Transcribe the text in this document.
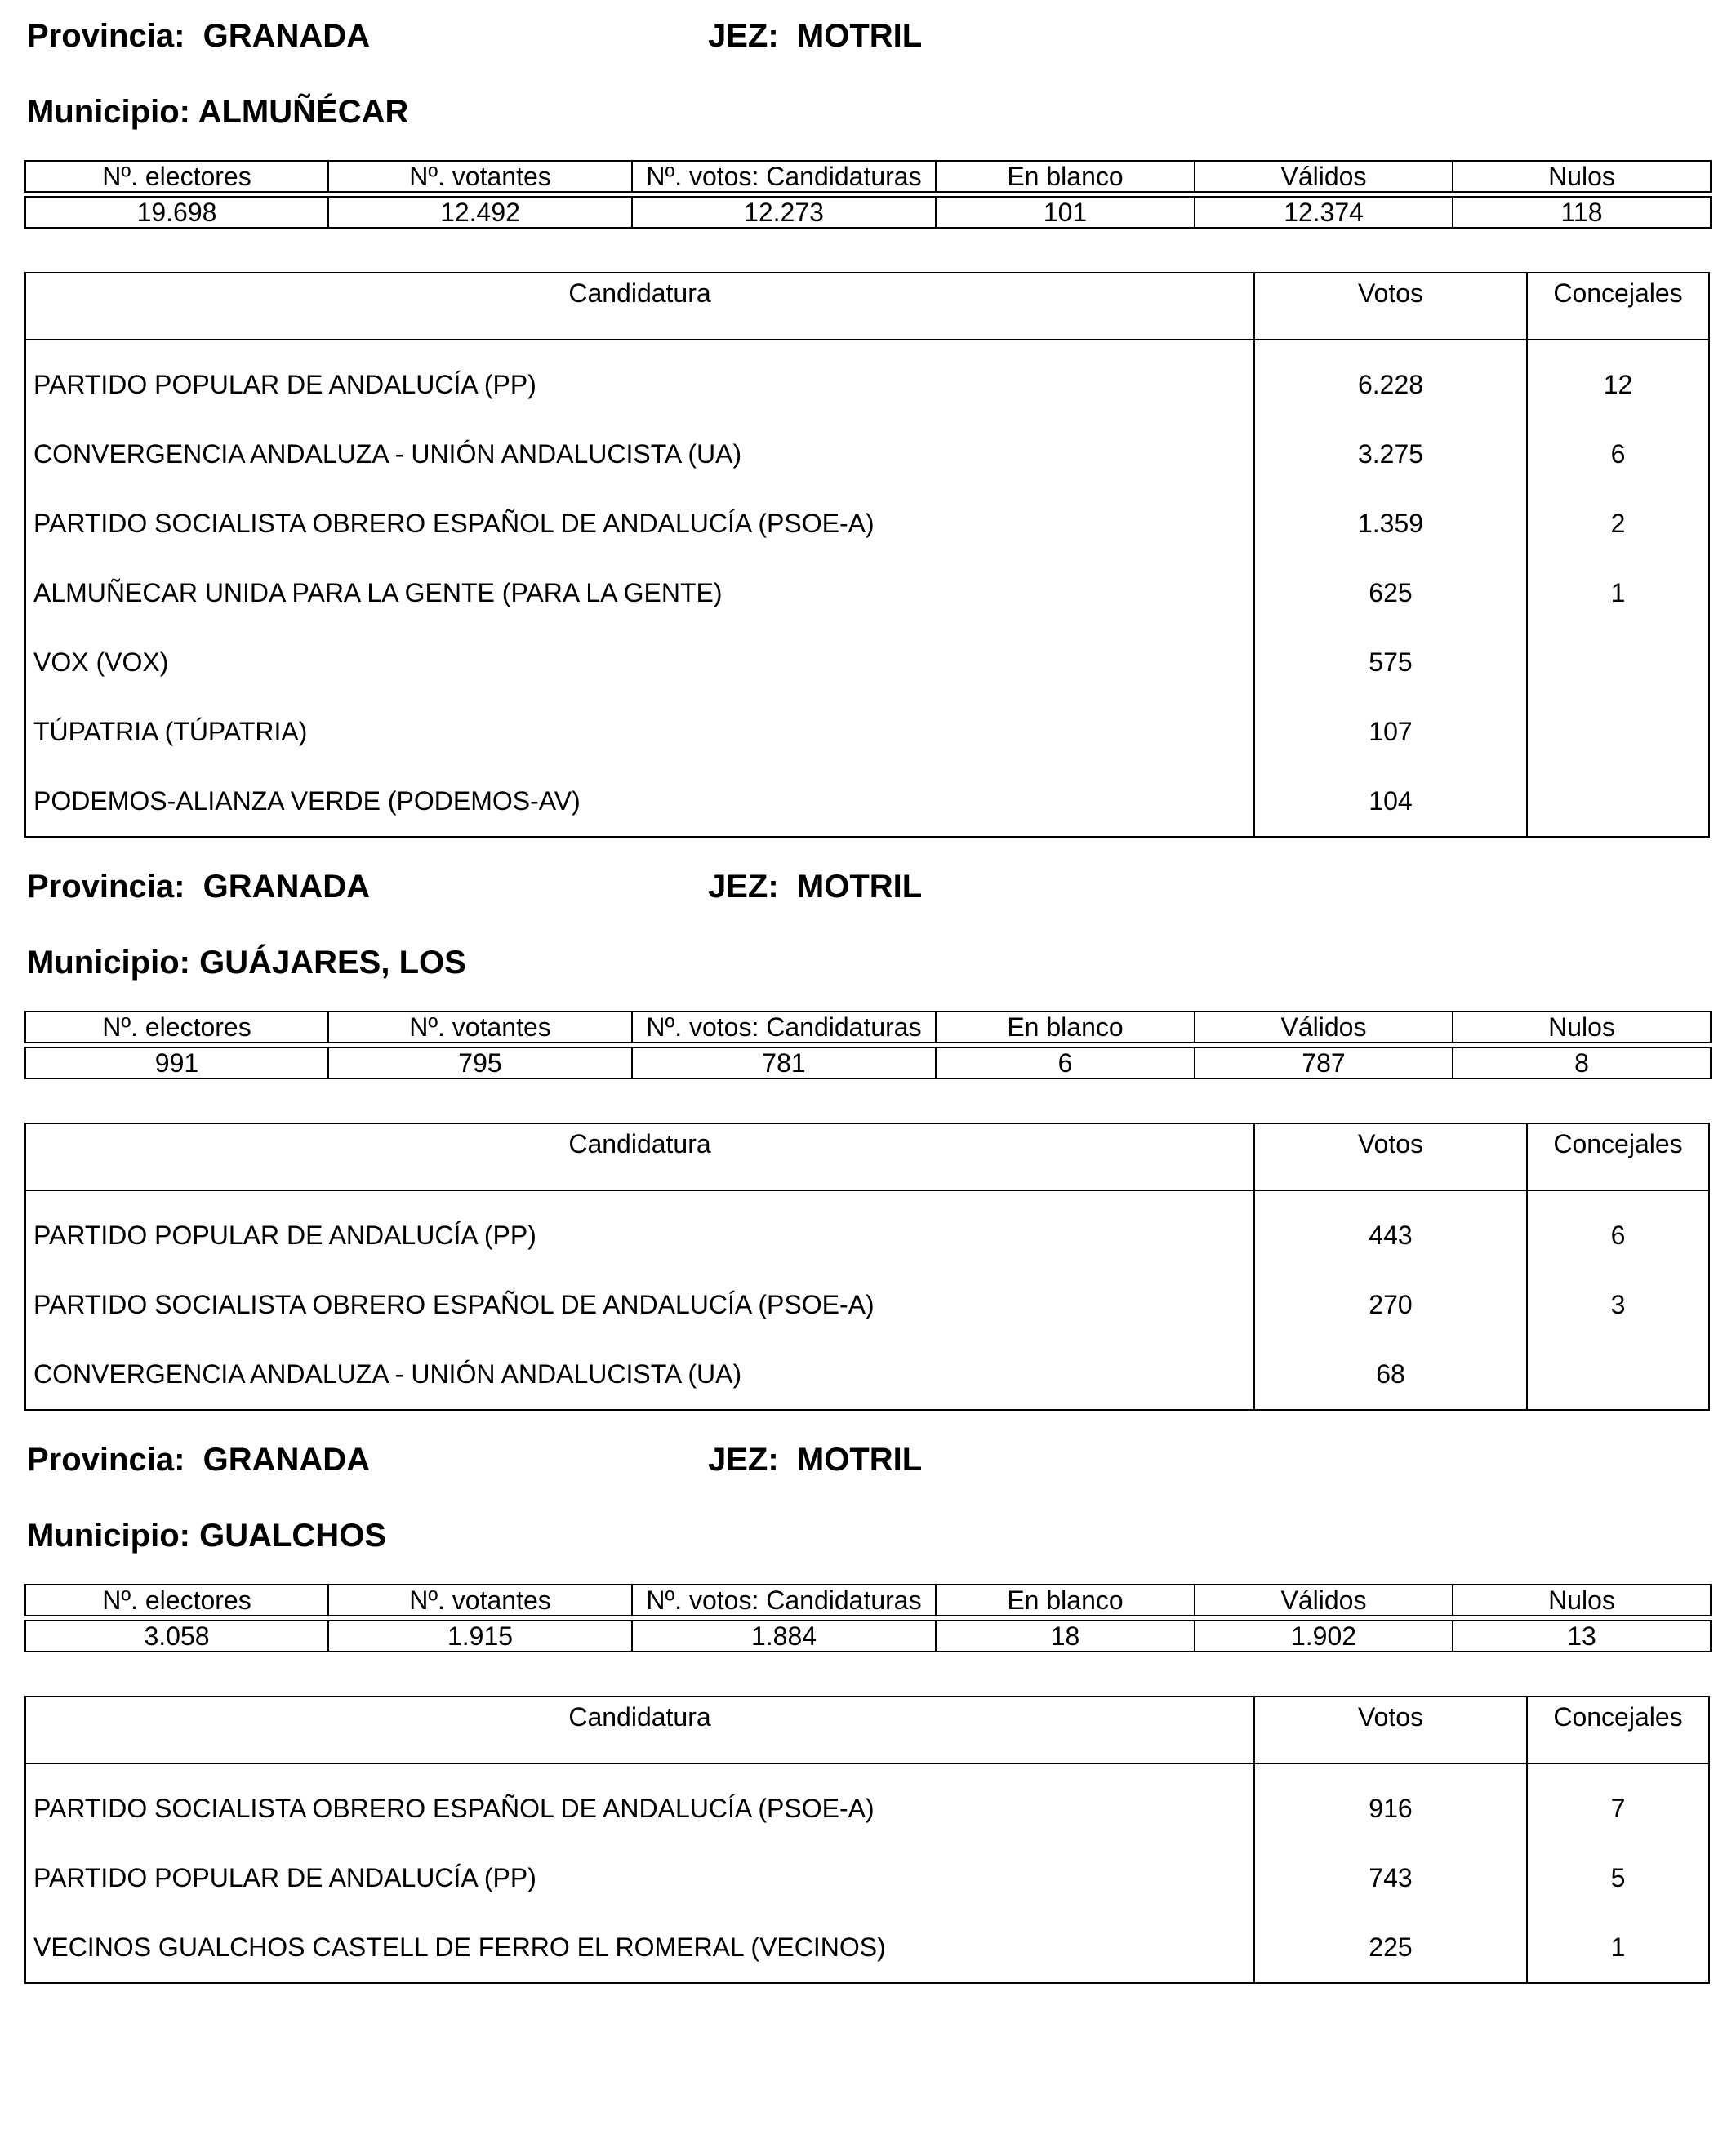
Provincia: GRANADA	JEZ: MOTRIL
Municipio: ALMUÑÉCAR
Nº. electores	Nº. votantes	Nº. votos: Candidaturas	En blanco	Válidos	Nulos

19.698	12.492	12.273	101	12.374	118
Candidatura	Votos	Concejales
PARTIDO POPULAR DE ANDALUCÍA (PP)	6.228	12
CONVERGENCIA ANDALUZA - UNIÓN ANDALUCISTA (UA)	3.275	6
PARTIDO SOCIALISTA OBRERO ESPAÑOL DE ANDALUCÍA (PSOE-A)	1.359	2
ALMUÑECAR UNIDA PARA LA GENTE (PARA LA GENTE)	625	1
VOX (VOX)	575
TÚPATRIA (TÚPATRIA)	107
PODEMOS-ALIANZA VERDE (PODEMOS-AV)	104
Provincia: GRANADA	JEZ: MOTRIL
Municipio: GUÁJARES, LOS
Nº. electores	Nº. votantes	Nº. votos: Candidaturas	En blanco	Válidos	Nulos

991	795	781	6	787	8
Candidatura	Votos	Concejales
PARTIDO POPULAR DE ANDALUCÍA (PP)	443	6
PARTIDO SOCIALISTA OBRERO ESPAÑOL DE ANDALUCÍA (PSOE-A)	270	3
CONVERGENCIA ANDALUZA - UNIÓN ANDALUCISTA (UA)	68
Provincia: GRANADA	JEZ: MOTRIL
Municipio: GUALCHOS
Nº. electores	Nº. votantes	Nº. votos: Candidaturas	En blanco	Válidos	Nulos

3.058	1.915	1.884	18	1.902	13
Candidatura	Votos	Concejales
PARTIDO SOCIALISTA OBRERO ESPAÑOL DE ANDALUCÍA (PSOE-A)	916	7
PARTIDO POPULAR DE ANDALUCÍA (PP)	743	5
VECINOS GUALCHOS CASTELL DE FERRO EL ROMERAL (VECINOS)	225	1
